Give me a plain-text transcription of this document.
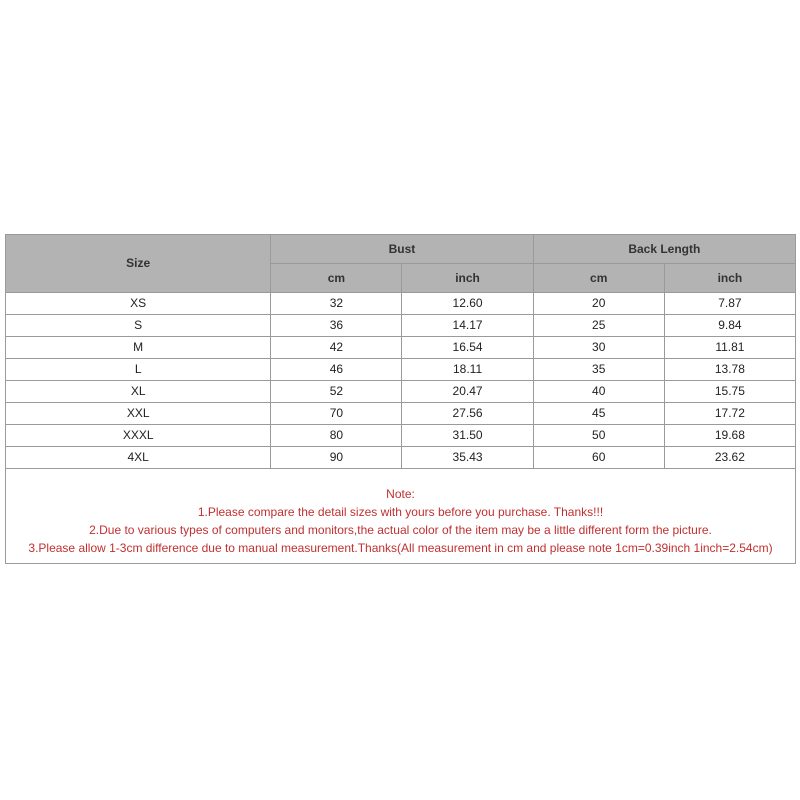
Size	Bust		Back Length	
	cm	inch	cm	inch
XS	32	12.60	20	7.87
S	36	14.17	25	9.84
M	42	16.54	30	11.81
L	46	18.11	35	13.78
XL	52	20.47	40	15.75
XXL	70	27.56	45	17.72
XXXL	80	31.50	50	19.68
4XL	90	35.43	60	23.62

Note:
1.Please compare the detail sizes with yours before you purchase. Thanks!!!
2.Due to various types of computers and monitors,the actual color of the item may be a little different form the picture.
3.Please allow 1-3cm difference due to manual measurement.Thanks(All measurement in cm and please note 1cm=0.39inch 1inch=2.54cm)				
